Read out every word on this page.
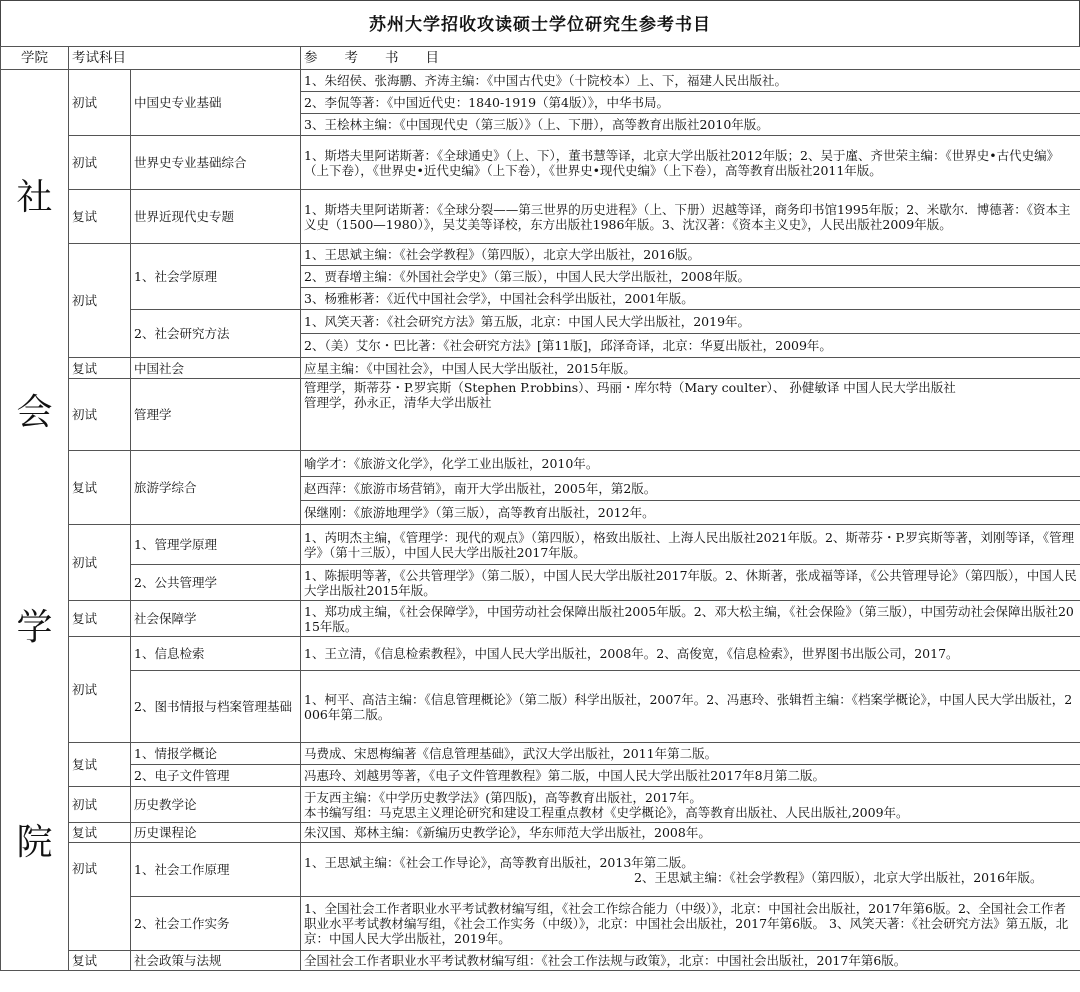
苏州大学招收攻读硕士学位研究生参考书目
学院	考试科目		参　　考　　书　　目

社
会
学
院	初试	中国史专业基础	1、朱绍侯、张海鹏、齐涛主编：《中国古代史》（十院校本）上、下，福建人民出版社。
			2、李侃等著：《中国近代史：1840-1919（第4版）》，中华书局。
			3、王桧林主编：《中国现代史（第三版）》（上、下册），高等教育出版社2010年版。
	初试	世界史专业基础综合	1、斯塔夫里阿诺斯著：《全球通史》（上、下），董书慧等译，北京大学出版社2012年版；2、吴于廑、齐世荣主编：《世界史•古代史编》（上下卷），《世界史•近代史编》（上下卷），《世界史•现代史编》（上下卷），高等教育出版社2011年版。
	复试	世界近现代史专题	1、斯塔夫里阿诺斯著：《全球分裂——第三世界的历史进程》（上、下册）迟越等译，商务印书馆1995年版；2、米歇尔．博德著：《资本主义史（1500—1980）》，吴艾美等译校，东方出版社1986年版。3、沈汉著：《资本主义史》，人民出版社2009年版。
	初试	1、社会学原理	1、王思斌主编：《社会学教程》（第四版），北京大学出版社，2016版。
			2、贾春增主编：《外国社会学史》（第三版），中国人民大学出版社，2008年版。
			3、杨雅彬著：《近代中国社会学》，中国社会科学出版社，2001年版。
		2、社会研究方法	1、风笑天著：《社会研究方法》第五版，北京：中国人民大学出版社，2019年。
			2、（美）艾尔・巴比著：《社会研究方法》[第11版]，邱泽奇译，北京：华夏出版社，2009年。
	复试	中国社会	应星主编：《中国社会》，中国人民大学出版社，2015年版。
	初试	管理学	管理学，斯蒂芬・P.罗宾斯（Stephen P.robbins）、玛丽・库尔特（Mary coulter）、 孙健敏译 中国人民大学出版社
管理学，孙永正，清华大学出版社

	复试	旅游学综合	喻学才：《旅游文化学》，化学工业出版社，2010年。
			赵西萍：《旅游市场营销》，南开大学出版社，2005年，第2版。
			保继刚：《旅游地理学》（第三版），高等教育出版社，2012年。
	初试	1、管理学原理	1、芮明杰主编，《管理学：现代的观点》（第四版），格致出版社、上海人民出版社2021年版。2、斯蒂芬・P.罗宾斯等著，刘刚等译，《管理学》（第十三版），中国人民大学出版社2017年版。
		2、公共管理学	1、陈振明等著，《公共管理学》（第二版），中国人民大学出版社2017年版。2、休斯著，张成福等译，《公共管理导论》（第四版），中国人民大学出版社2015年版。
	复试	社会保障学	1、郑功成主编，《社会保障学》，中国劳动社会保障出版社2005年版。2、邓大松主编，《社会保险》（第三版），中国劳动社会保障出版社2015年版。
	初试	1、信息检索	1、王立清，《信息检索教程》，中国人民大学出版社，2008年。2、高俊宽，《信息检索》，世界图书出版公司，2017。
		2、图书情报与档案管理基础	1、柯平、高洁主编：《信息管理概论》（第二版）科学出版社，2007年。2、冯惠玲、张辑哲主编：《档案学概论》，中国人民大学出版社，2006年第二版。
	复试	1、情报学概论	马费成、宋恩梅编著《信息管理基础》，武汉大学出版社，2011年第二版。
		2、电子文件管理	冯惠玲、刘越男等著，《电子文件管理教程》第二版，中国人民大学出版社2017年8月第二版。
	初试	历史教学论	于友西主编：《中学历史教学法》(第四版)，高等教育出版社，2017年。
本书编写组：马克思主义理论研究和建设工程重点教材《史学概论》，高等教育出版社、人民出版社,2009年。

	复试	历史课程论	朱汉国、郑林主编：《新编历史教学论》，华东师范大学出版社，2008年。
	初试	1、社会工作原理	1、王思斌主编：《社会工作导论》，高等教育出版社，2013年第二版。
2、王思斌主编：《社会学教程》（第四版），北京大学出版社，2016年版。

		2、社会工作实务	1、全国社会工作者职业水平考试教材编写组，《社会工作综合能力（中级）》，北京：中国社会出版社，2017年第6版。2、全国社会工作者职业水平考试教材编写组，《社会工作实务（中级）》，北京：中国社会出版社，2017年第6版。 3、风笑天著：《社会研究方法》第五版，北京：中国人民大学出版社，2019年。
	复试	社会政策与法规	全国社会工作者职业水平考试教材编写组：《社会工作法规与政策》，北京：中国社会出版社，2017年第6版。
